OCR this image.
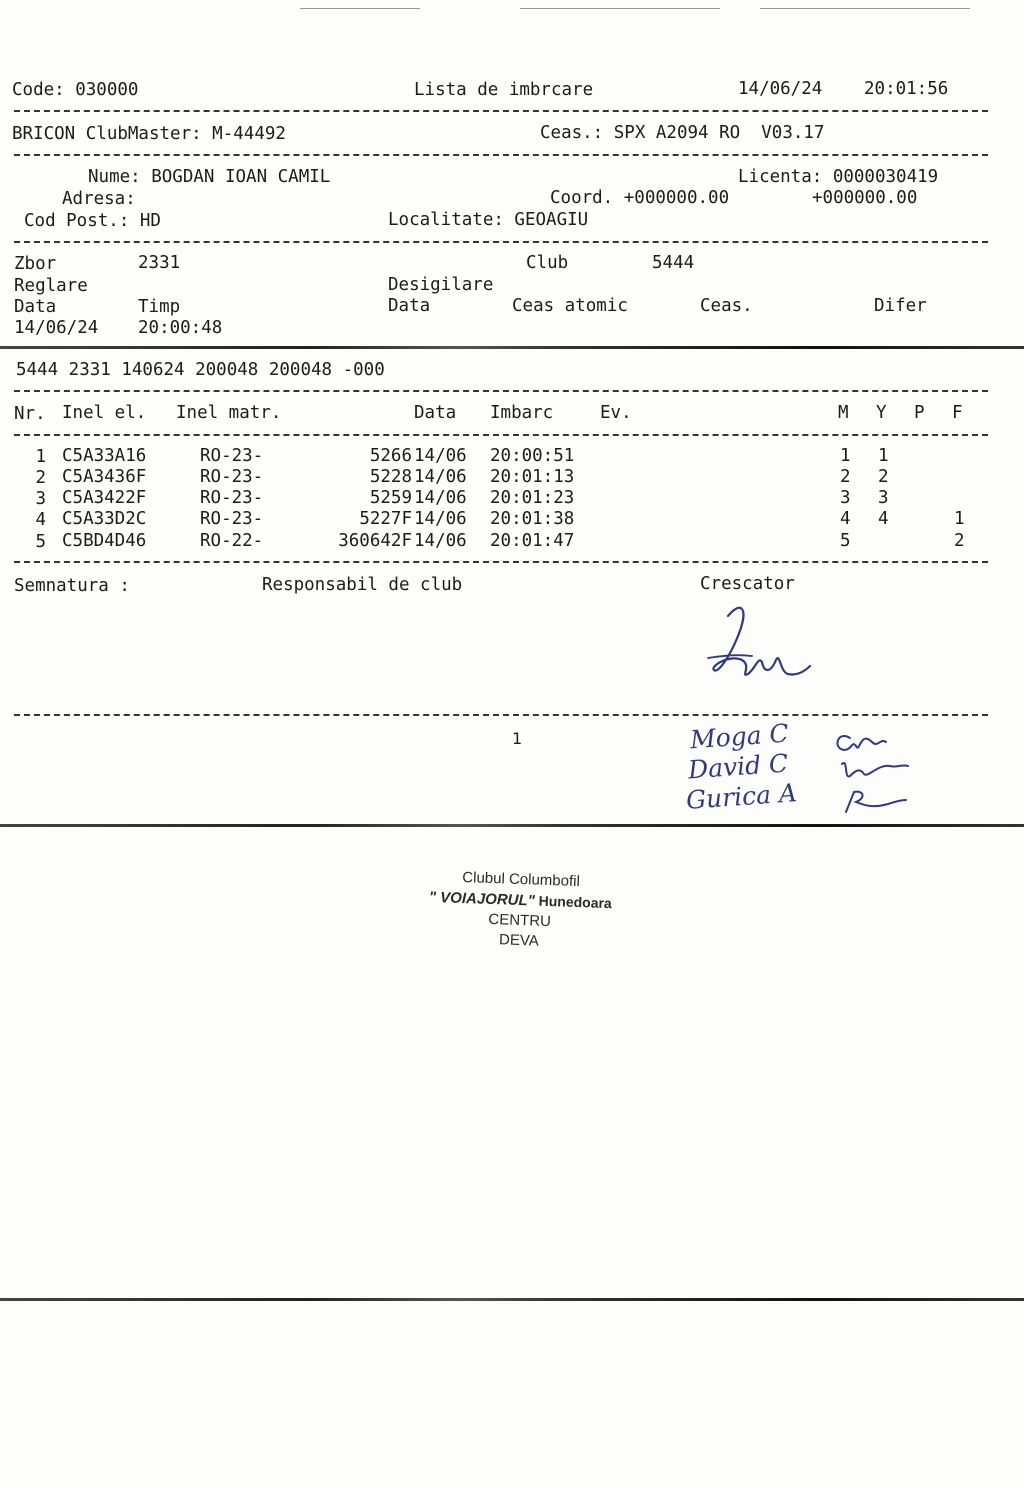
Code: 030000	Lista de imbrcare	14/06/24 20:01:56
BRICON ClubMaster: M-44492	Ceas.: SPX A2094 RO  V03.17
Nume: BOGDAN IOAN CAMIL	Licenta: 0000030419
Adresa:	Coord. +000000.00	+000000.00
Cod Post.: HD	Localitate: GEOAGIU
Zbor	2331	Club	5444
Reglare	Desigilare
Data	Timp	Data	Ceas atomic	Ceas.	Difer
14/06/24 20:00:48
5444 2331 140624 200048 200048 -000
Nr. Inel el. Inel matr.	Data Imbarc	Ev.	M Y P F
1 C5A33A16	RO-23-	5266 14/06 20:00:51	1 1
2 C5A3436F	RO-23-	5228 14/06 20:01:13	2 2
3 C5A3422F	RO-23-	5259 14/06 20:01:23	3 3
4 C5A33D2C	RO-23-	5227F 14/06 20:01:38	4 4	1
5 C5BD4D46	RO-22-	360642F 14/06 20:01:47	5	2
Semnatura :	Responsabil de club	Crescator
1	Moga C
David C
Gurica A
Clubul Columbofil
" VOIAJORUL" Hunedoara
CENTRU
DEVA
